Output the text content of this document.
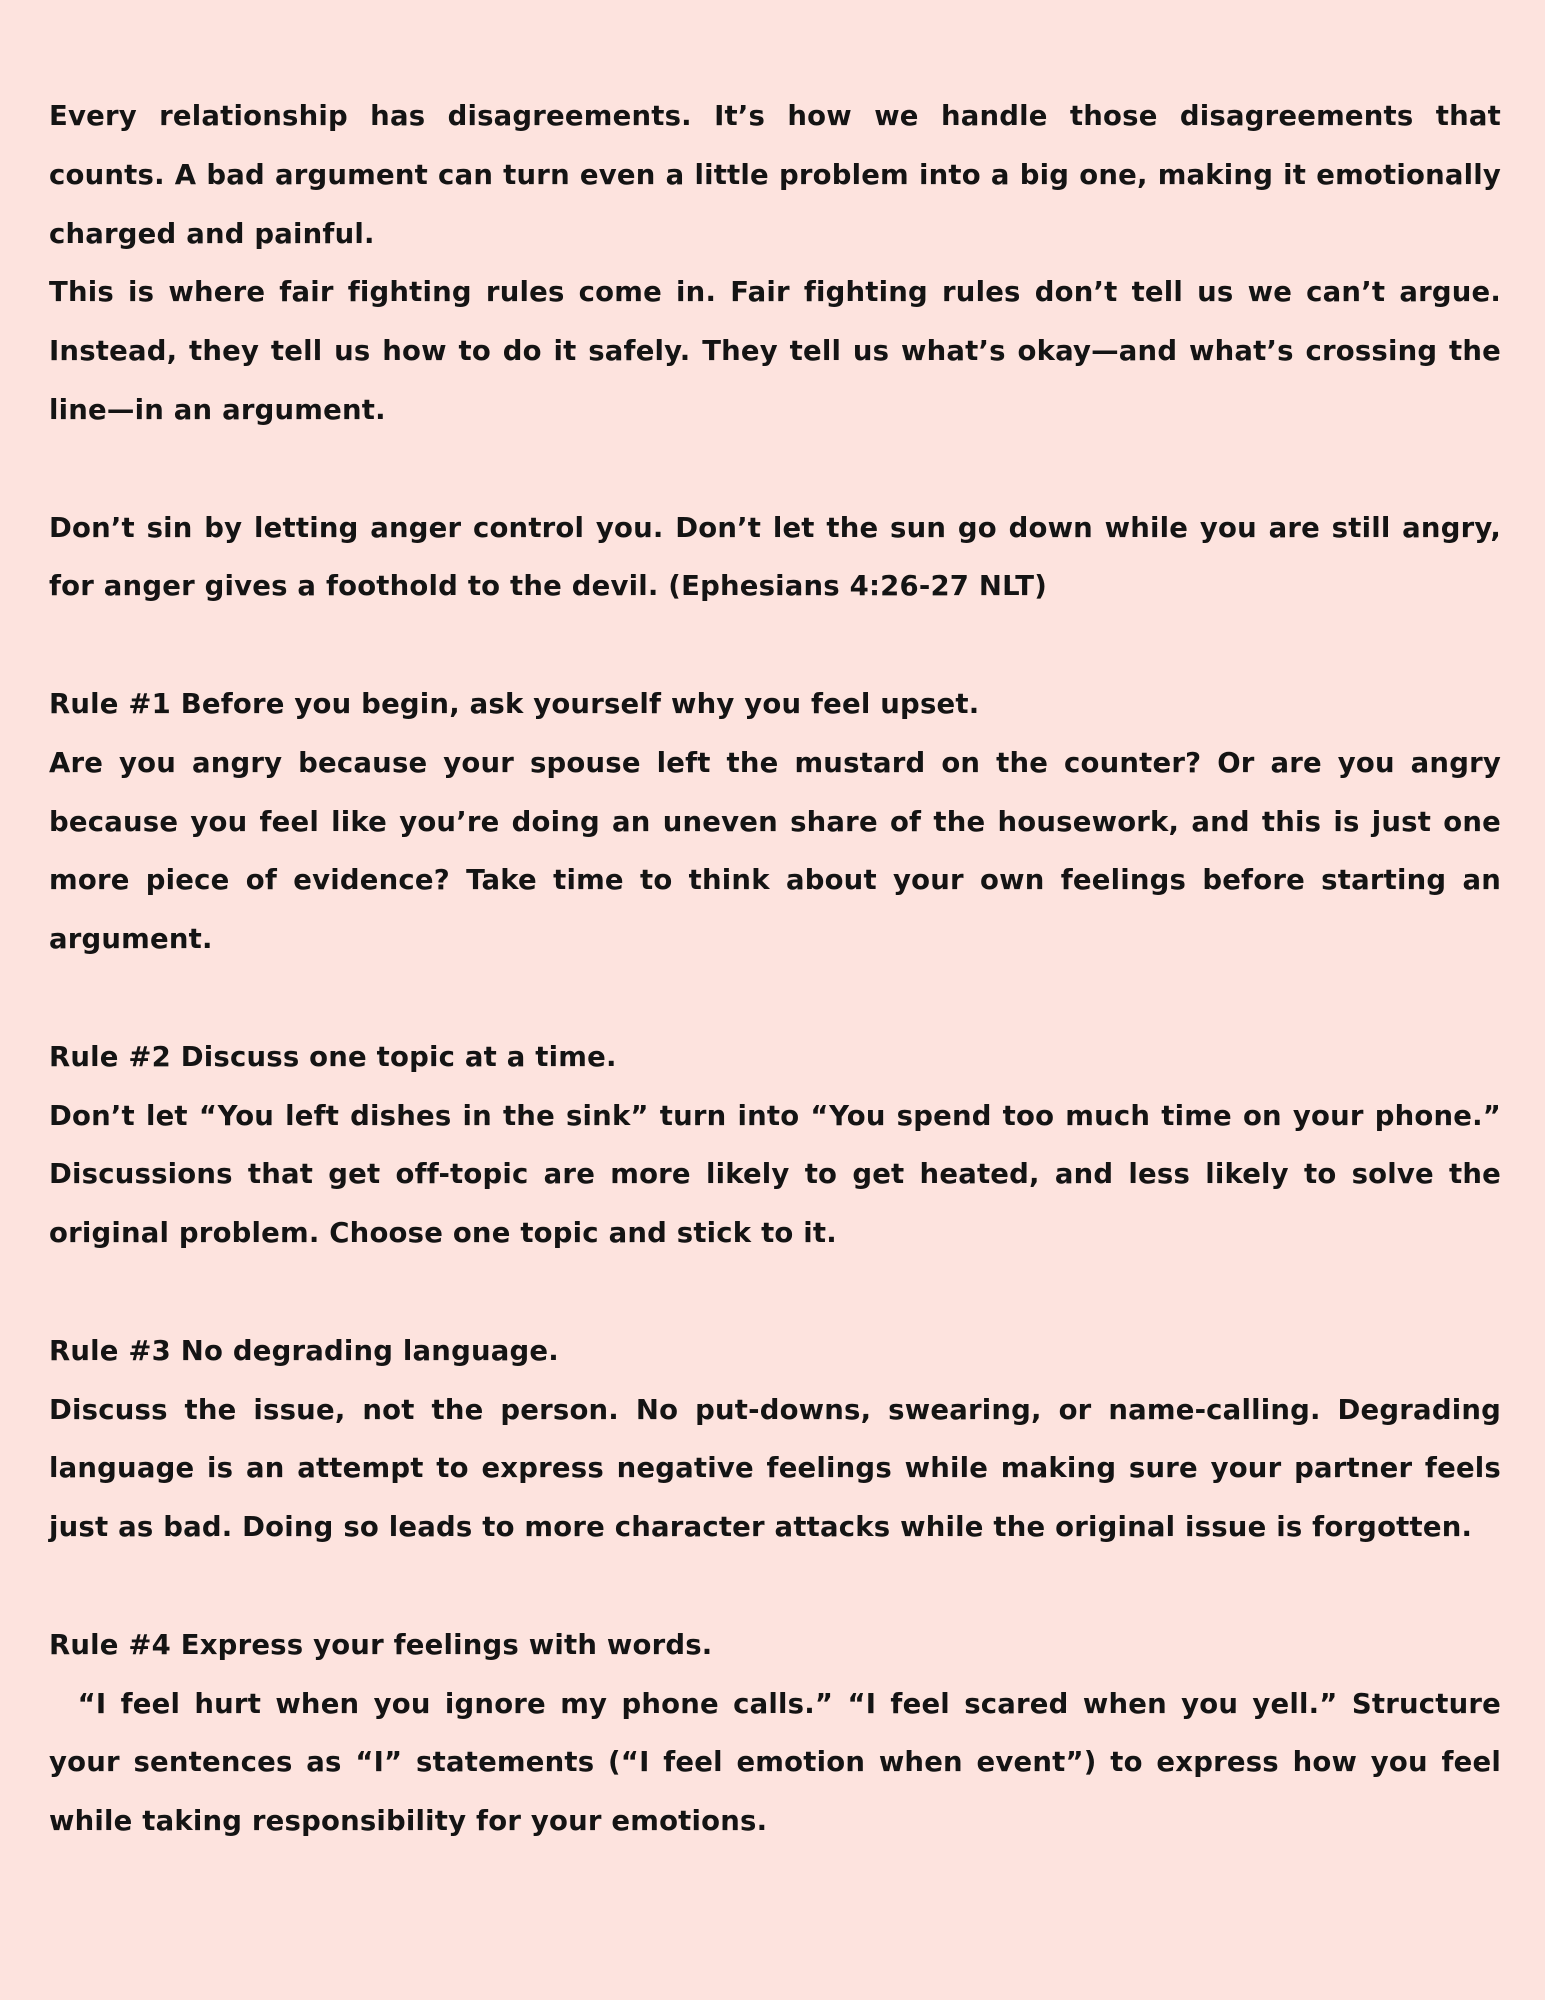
Every relationship has disagreements. It’s how we handle those disagreements that counts. A bad argument can turn even a little problem into a big one, making it emotionally charged and painful.

This is where fair fighting rules come in. Fair fighting rules don’t tell us we can’t argue. Instead, they tell us how to do it safely. They tell us what’s okay—and what’s crossing the line—in an argument.

Don’t sin by letting anger control you. Don’t let the sun go down while you are still angry, for anger gives a foothold to the devil. (Ephesians 4:26-27 NLT)

Rule #1 Before you begin, ask yourself why you feel upset.

Are you angry because your spouse left the mustard on the counter? Or are you angry because you feel like you’re doing an uneven share of the housework, and this is just one more piece of evidence? Take time to think about your own feelings before starting an argument.

Rule #2 Discuss one topic at a time.

Don’t let “You left dishes in the sink” turn into “You spend too much time on your phone.” Discussions that get off-topic are more likely to get heated, and less likely to solve the original problem. Choose one topic and stick to it.

Rule #3 No degrading language.

Discuss the issue, not the person. No put-downs, swearing, or name-calling. Degrading language is an attempt to express negative feelings while making sure your partner feels just as bad. Doing so leads to more character attacks while the original issue is forgotten.

Rule #4 Express your feelings with words.

“I feel hurt when you ignore my phone calls.” “I feel scared when you yell.” Structure your sentences as “I” statements (“I feel emotion when event”) to express how you feel while taking responsibility for your emotions.
